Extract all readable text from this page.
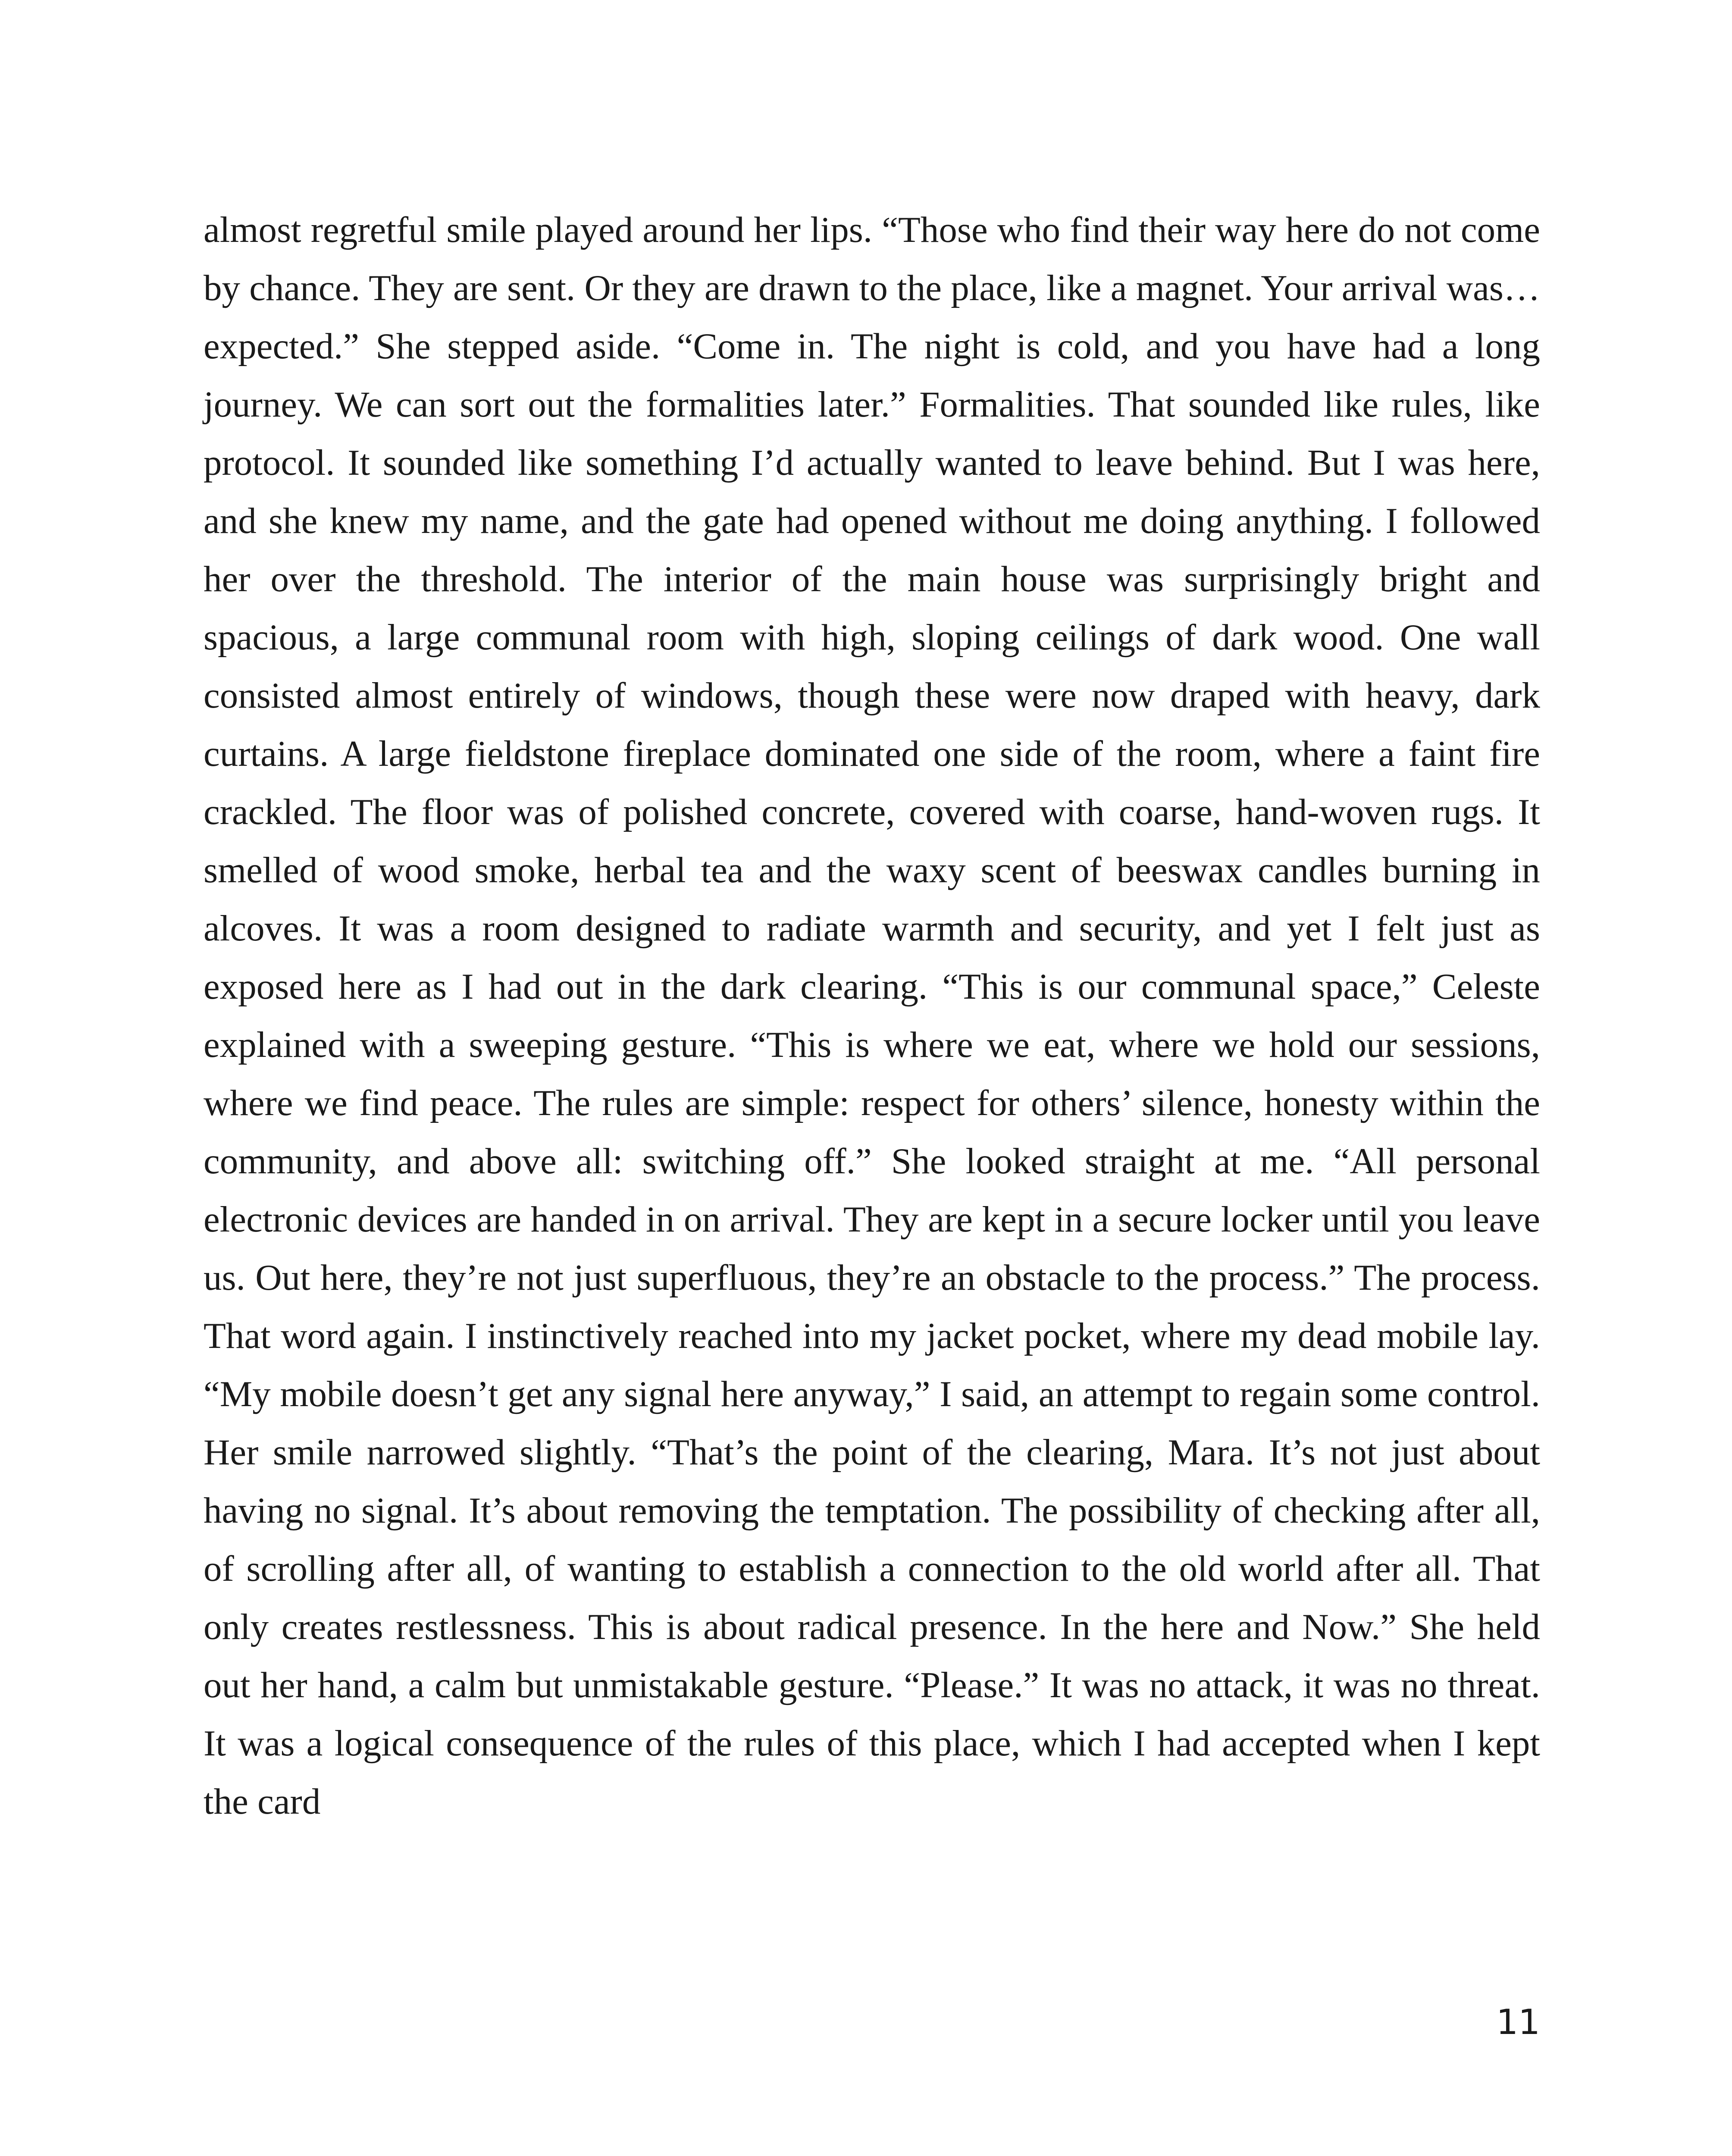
almost regretful smile played around her lips. “Those who find their way here do not come by chance. They are sent. Or they are drawn to the place, like a magnet. Your arrival was… expected.” She stepped aside. “Come in. The night is cold, and you have had a long journey. We can sort out the formalities later.” Formalities. That sounded like rules, like protocol. It sounded like something I’d actually wanted to leave behind. But I was here, and she knew my name, and the gate had opened without me doing anything. I followed her over the threshold. The interior of the main house was surprisingly bright and spacious, a large communal room with high, sloping ceilings of dark wood. One wall consisted almost entirely of windows, though these were now draped with heavy, dark curtains. A large fieldstone fireplace dominated one side of the room, where a faint fire crackled. The floor was of polished concrete, covered with coarse, hand-woven rugs. It smelled of wood smoke, herbal tea and the waxy scent of beeswax candles burning in alcoves. It was a room designed to radiate warmth and security, and yet I felt just as exposed here as I had out in the dark clearing. “This is our communal space,” Celeste explained with a sweeping gesture. “This is where we eat, where we hold our sessions, where we find peace. The rules are simple: respect for others’ silence, honesty within the community, and above all: switching off.” She looked straight at me. “All personal electronic devices are handed in on arrival. They are kept in a secure locker until you leave us. Out here, they’re not just superfluous, they’re an obstacle to the process.” The process. That word again. I instinctively reached into my jacket pocket, where my dead mobile lay. “My mobile doesn’t get any signal here anyway,” I said, an attempt to regain some control. Her smile narrowed slightly. “That’s the point of the clearing, Mara. It’s not just about having no signal. It’s about removing the temptation. The possibility of checking after all, of scrolling after all, of wanting to establish a connection to the old world after all. That only creates restlessness. This is about radical presence. In the here and Now.” She held out her hand, a calm but unmistakable gesture. “Please.” It was no attack, it was no threat. It was a logical consequence of the rules of this place, which I had accepted when I kept the card

11
